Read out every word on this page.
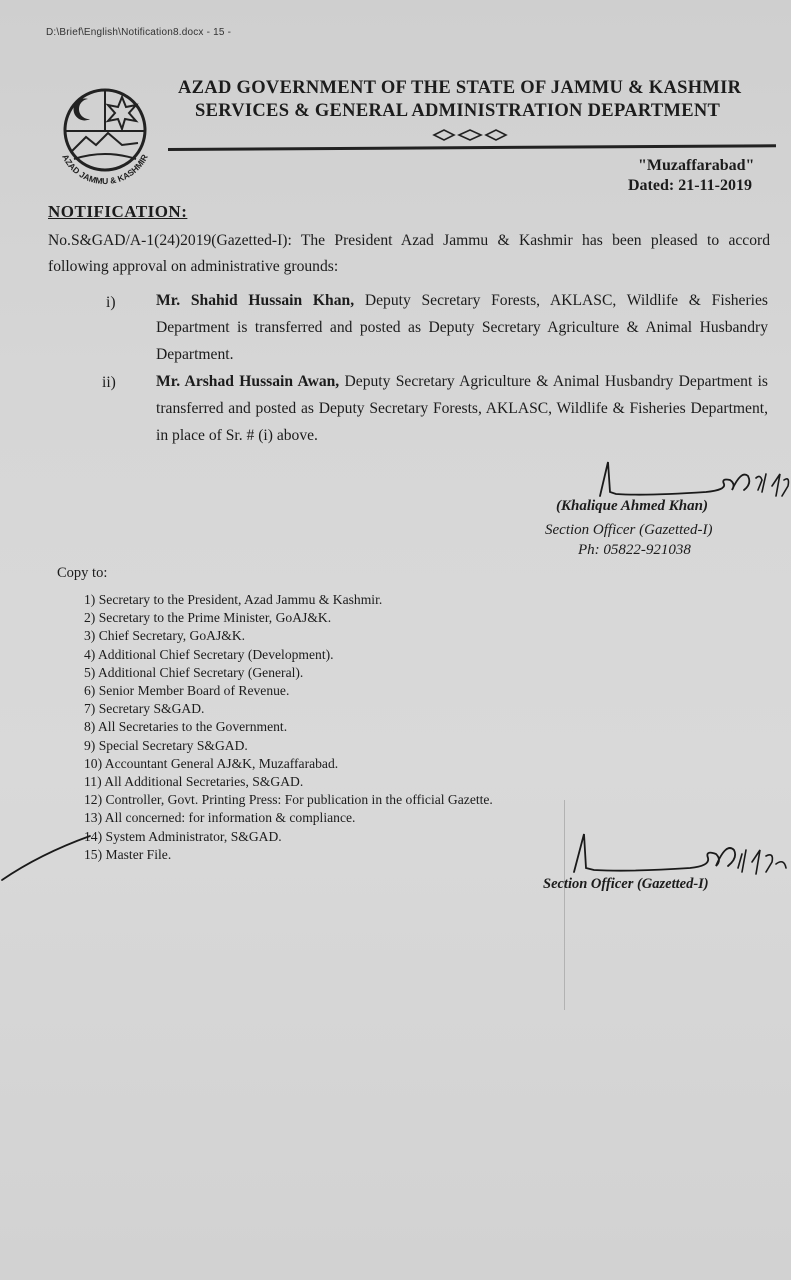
D:\Brief\English\Notification8.docx - 15 -
AZAD JAMMU & KASHMIR
AZAD GOVERNMENT OF THE STATE OF JAMMU & KASHMIR
SERVICES & GENERAL ADMINISTRATION DEPARTMENT
"Muzaffarabad"
Dated: 21-11-2019
NOTIFICATION:
No.S&GAD/A-1(24)2019(Gazetted-I): The President Azad Jammu & Kashmir has been pleased to accord following approval on administrative grounds:
i)	Mr. Shahid Hussain Khan, Deputy Secretary Forests, AKLASC, Wildlife & Fisheries Department is transferred and posted as Deputy Secretary Agriculture & Animal Husbandry Department.
ii)	Mr. Arshad Hussain Awan, Deputy Secretary Agriculture & Animal Husbandry Department is transferred and posted as Deputy Secretary Forests, AKLASC, Wildlife & Fisheries Department, in place of Sr. # (i) above.
(Khalique Ahmed Khan)
Section Officer (Gazetted-I)
Ph: 05822-921038
Copy to:
1) Secretary to the President, Azad Jammu & Kashmir.
2) Secretary to the Prime Minister, GoAJ&K.
3) Chief Secretary, GoAJ&K.
4) Additional Chief Secretary (Development).
5) Additional Chief Secretary (General).
6) Senior Member Board of Revenue.
7) Secretary S&GAD.
8) All Secretaries to the Government.
9) Special Secretary S&GAD.
10) Accountant General AJ&K, Muzaffarabad.
11) All Additional Secretaries, S&GAD.
12) Controller, Govt. Printing Press: For publication in the official Gazette.
13) All concerned: for information & compliance.
14) System Administrator, S&GAD.
15) Master File.
Section Officer (Gazetted-I)
